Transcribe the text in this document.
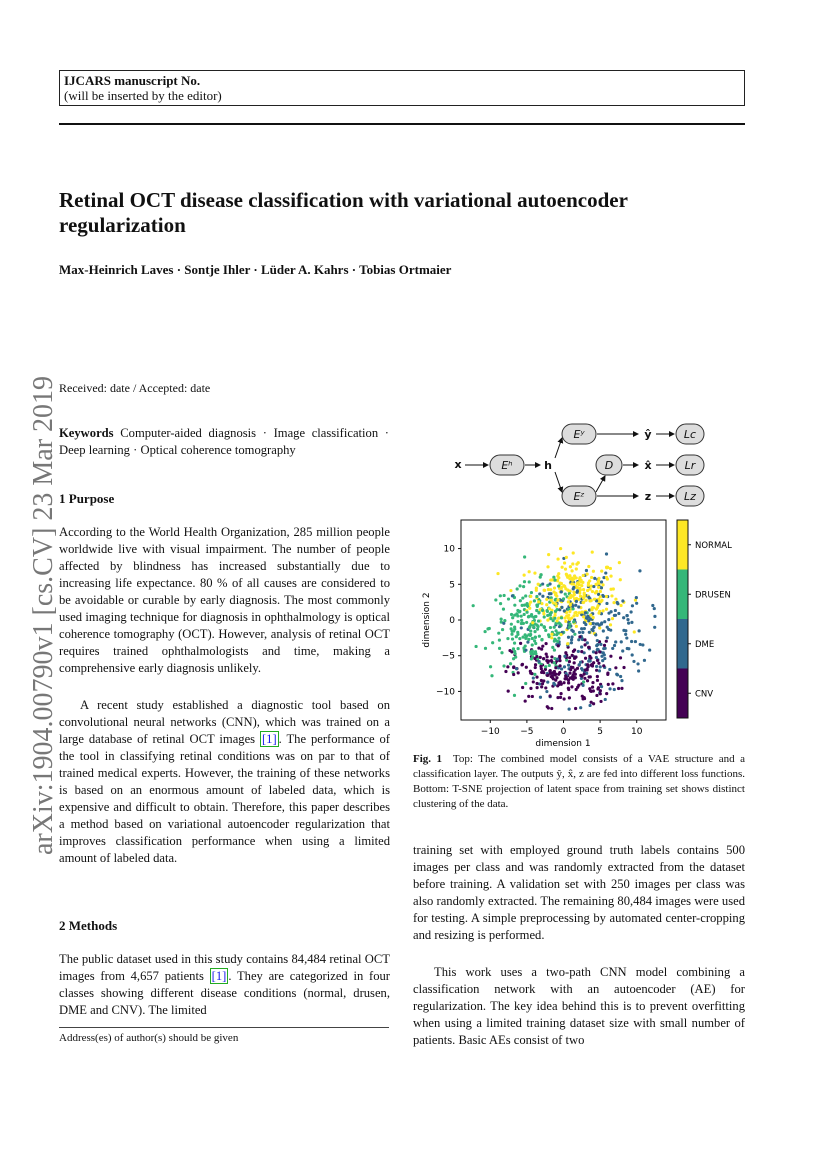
IJCARS manuscript No.
(will be inserted by the editor)
arXiv:1904.00790v1 [cs.CV] 23 Mar 2019
Retinal OCT disease classification with variational autoencoder regularization
Max-Heinrich Laves · Sontje Ihler · Lüder A. Kahrs · Tobias Ortmaier
Received: date / Accepted: date

Keywords Computer-aided diagnosis · Image classification · Deep learning · Optical coherence tomography

1 Purpose

According to the World Health Organization, 285 million people worldwide live with visual impairment. The number of people affected by blindness has increased substantially due to increasing life expectance. 80 % of all causes are considered to be avoidable or curable by early diagnosis. The most commonly used imaging technique for diagnosis in ophthalmology is optical coherence tomography (OCT). However, analysis of retinal OCT requires trained ophthalmologists and time, making a comprehensive early diagnosis unlikely.

A recent study established a diagnostic tool based on convolutional neural networks (CNN), which was trained on a large database of retinal OCT images [1] . The performance of the tool in classifying retinal conditions was on par to that of trained medical experts. However, the training of these networks is based on an enormous amount of labeled data, which is expensive and difficult to obtain. Therefore, this paper describes a method based on variational autoencoder regularization that improves classification performance when using a limited amount of labeled data.

2 Methods

The public dataset used in this study contains 84,484 retinal OCT images from 4,657 patients [1] . They are categorized in four classes showing different disease conditions (normal, drusen, DME and CNV). The limited

Address(es) of author(s) should be given
x	Eʰ	h
Eʸ
Eᶻ
D
ŷ
x̂
z
Lc
Lr
Lz
−10 −5	0	5	10
10
5
0
−5
−10
dimension 1
dimension 2
NORMAL
DRUSEN
DME
CNV

Fig. 1 Top: The combined model consists of a VAE structure and a classification layer. The outputs ŷ, x̂, z are fed into different loss functions. Bottom: T-SNE projection of latent space from training set shows distinct clustering of the data.

training set with employed ground truth labels contains 500 images per class and was randomly extracted from the dataset before training. A validation set with 250 images per class was also randomly extracted. The remaining 80,484 images were used for testing. A simple preprocessing by automated center-cropping and resizing is performed.

This work uses a two-path CNN model combining a classification network with an autoencoder (AE) for regularization. The key idea behind this is to prevent overfitting when using a limited training dataset size with small number of patients. Basic AEs consist of two
